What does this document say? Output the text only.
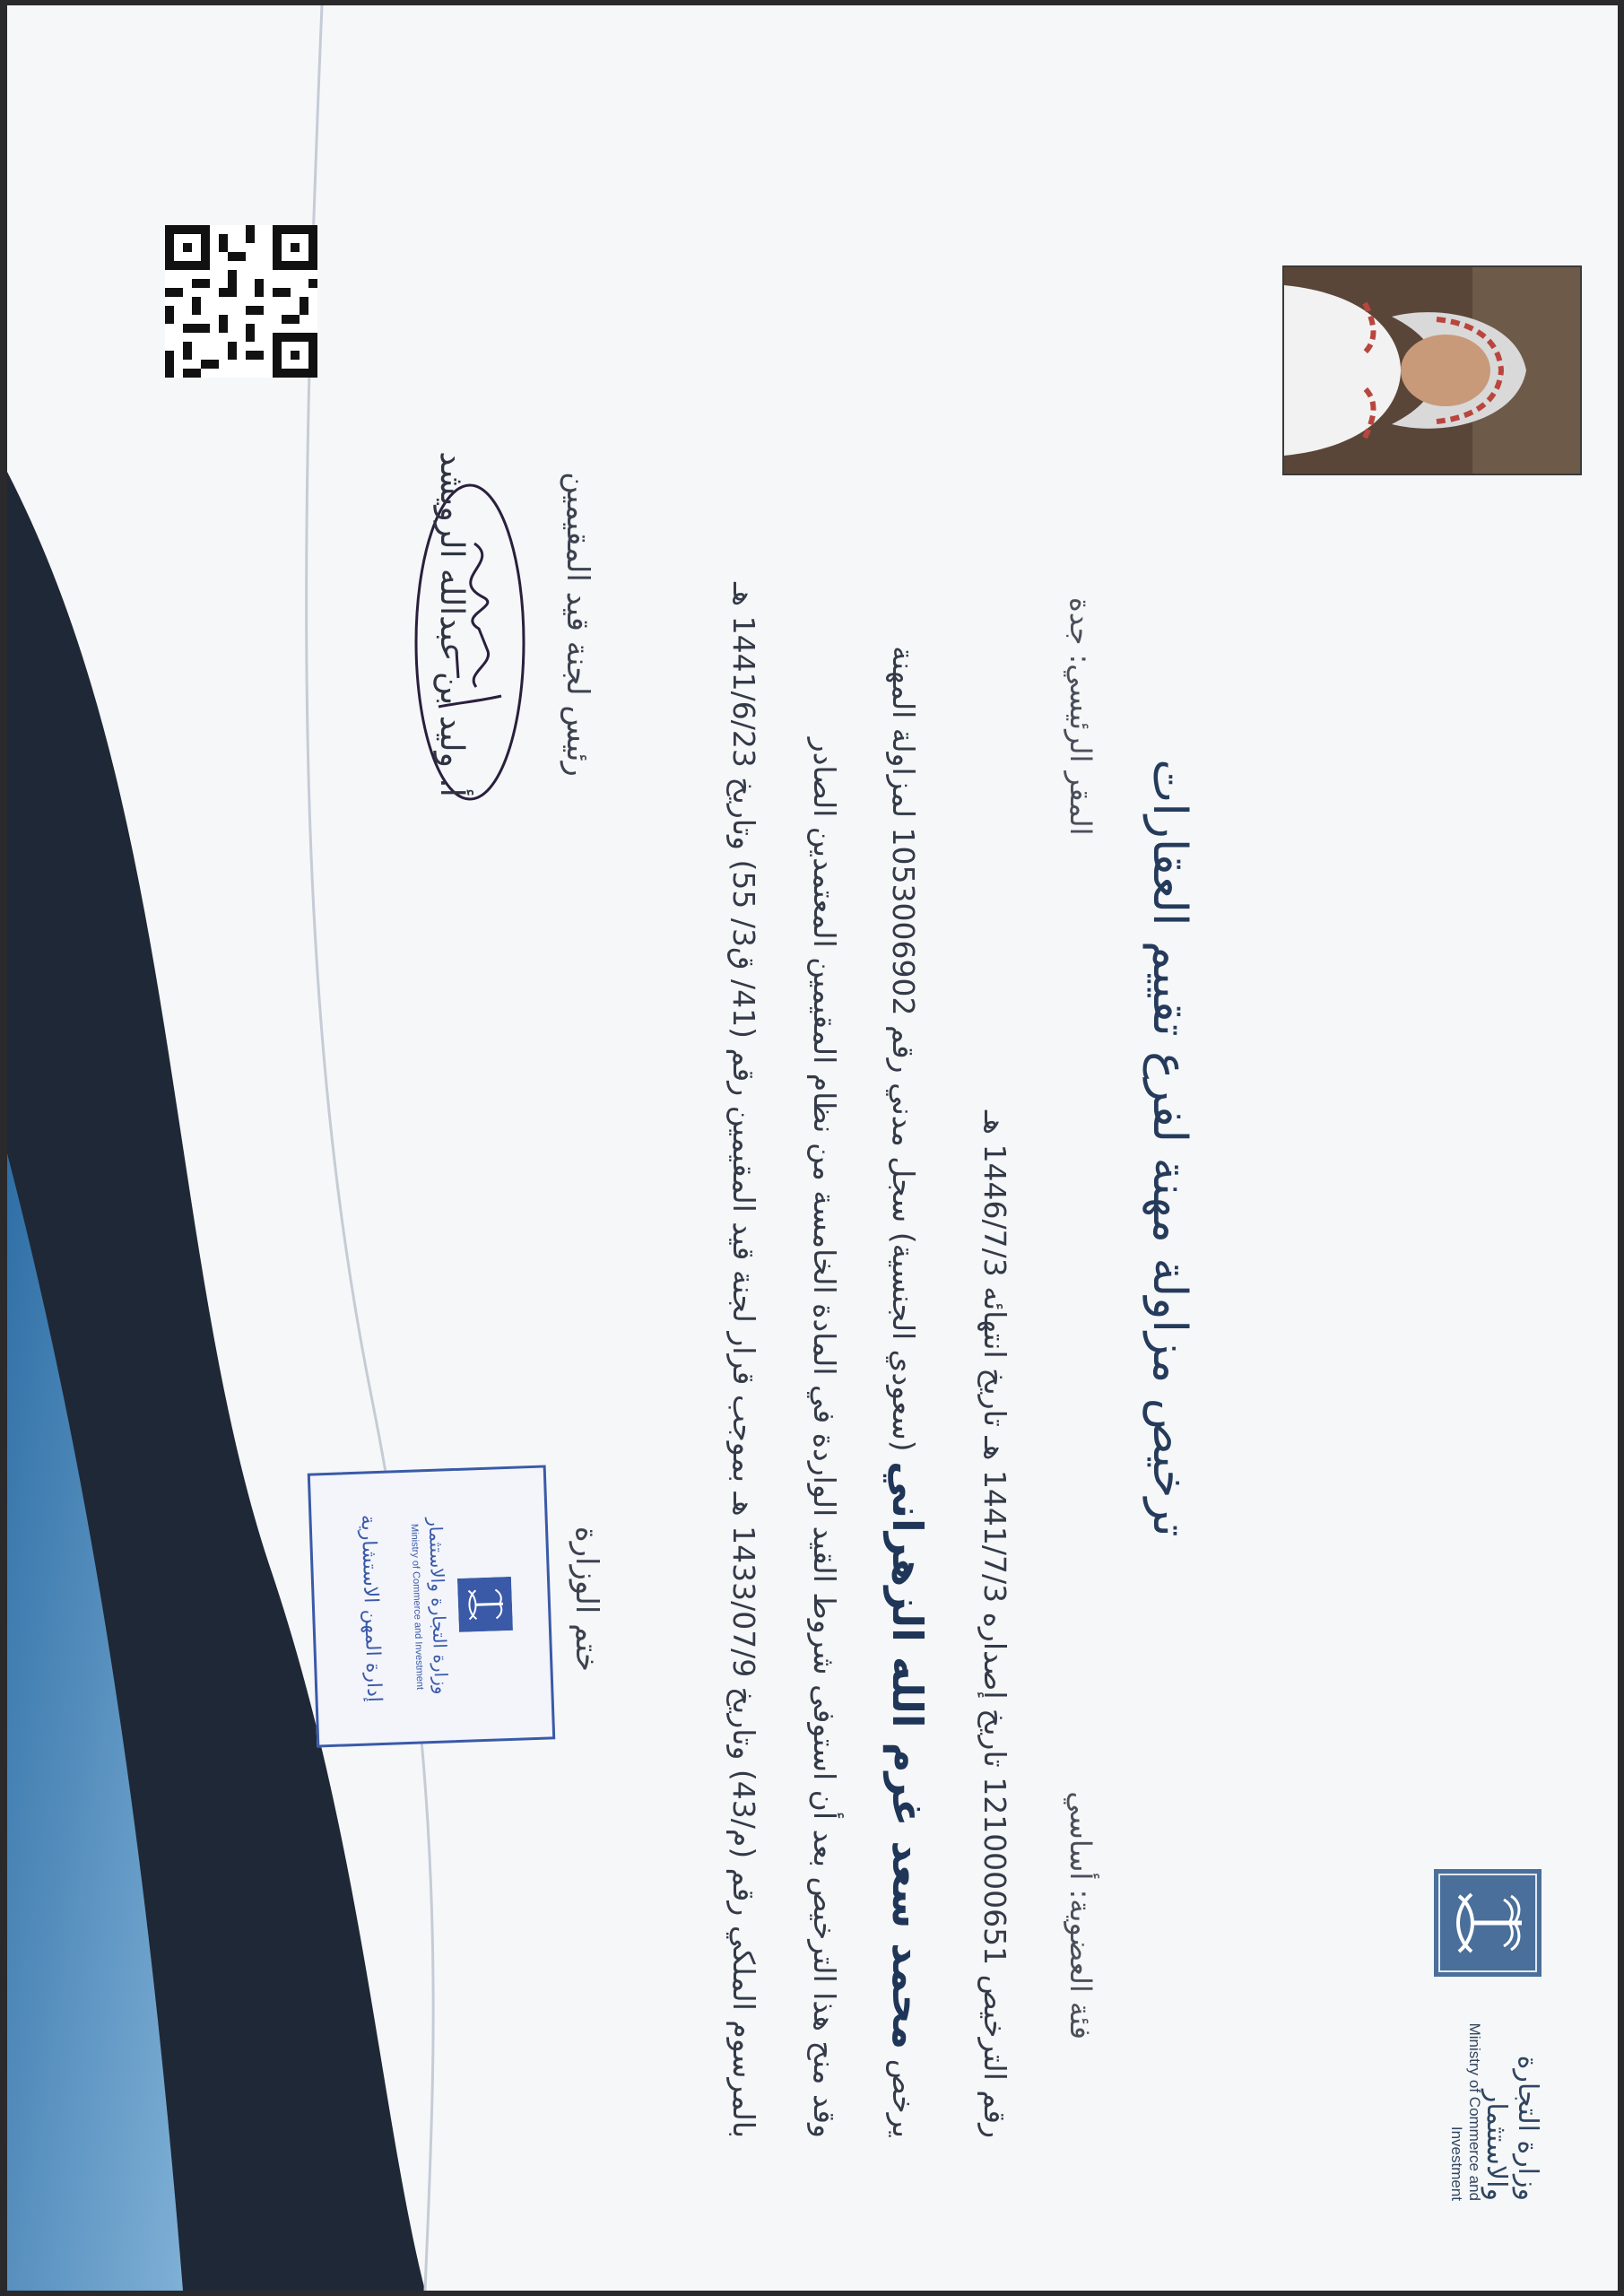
وزارة التجارة والاستثمار
Ministry of Commerce and Investment
ترخيص مزاولة مهنة لفرع تقييم العقارات
فئة العضوية: أساسي
المقر الرئيسي: جدة
رقم الترخيص 1210000651 تاريخ إصداره 1441/7/3 هـ تاريخ انتهائه 1446/7/3 هـ
يرخص محمد سعد غرم الله الزهراني (سعودي الجنسية) سجل مدني رقم 1053006902 لمزاولة المهنة
وقد منح هذا الترخيص بعد أن استوفى شروط القيد الواردة في المادة الخامسة من نظام المقيمين المعتمدين الصادر
بالمرسوم الملكي رقم (م/43) وتاريخ 1433/07/9 هـ بموجب قرار لجنة قيد المقيمين رقم (41/ ق3/ 55) وتاريخ 1441/6/23 هـ
ختم الوزارة
وزارة التجارة والاستثمار
Ministry of Commerce and Investment
إدارة المهن الاستشارية
رئيس لجنة قيد المقيمين
أ. وليد بن عبدالله الرويشد
